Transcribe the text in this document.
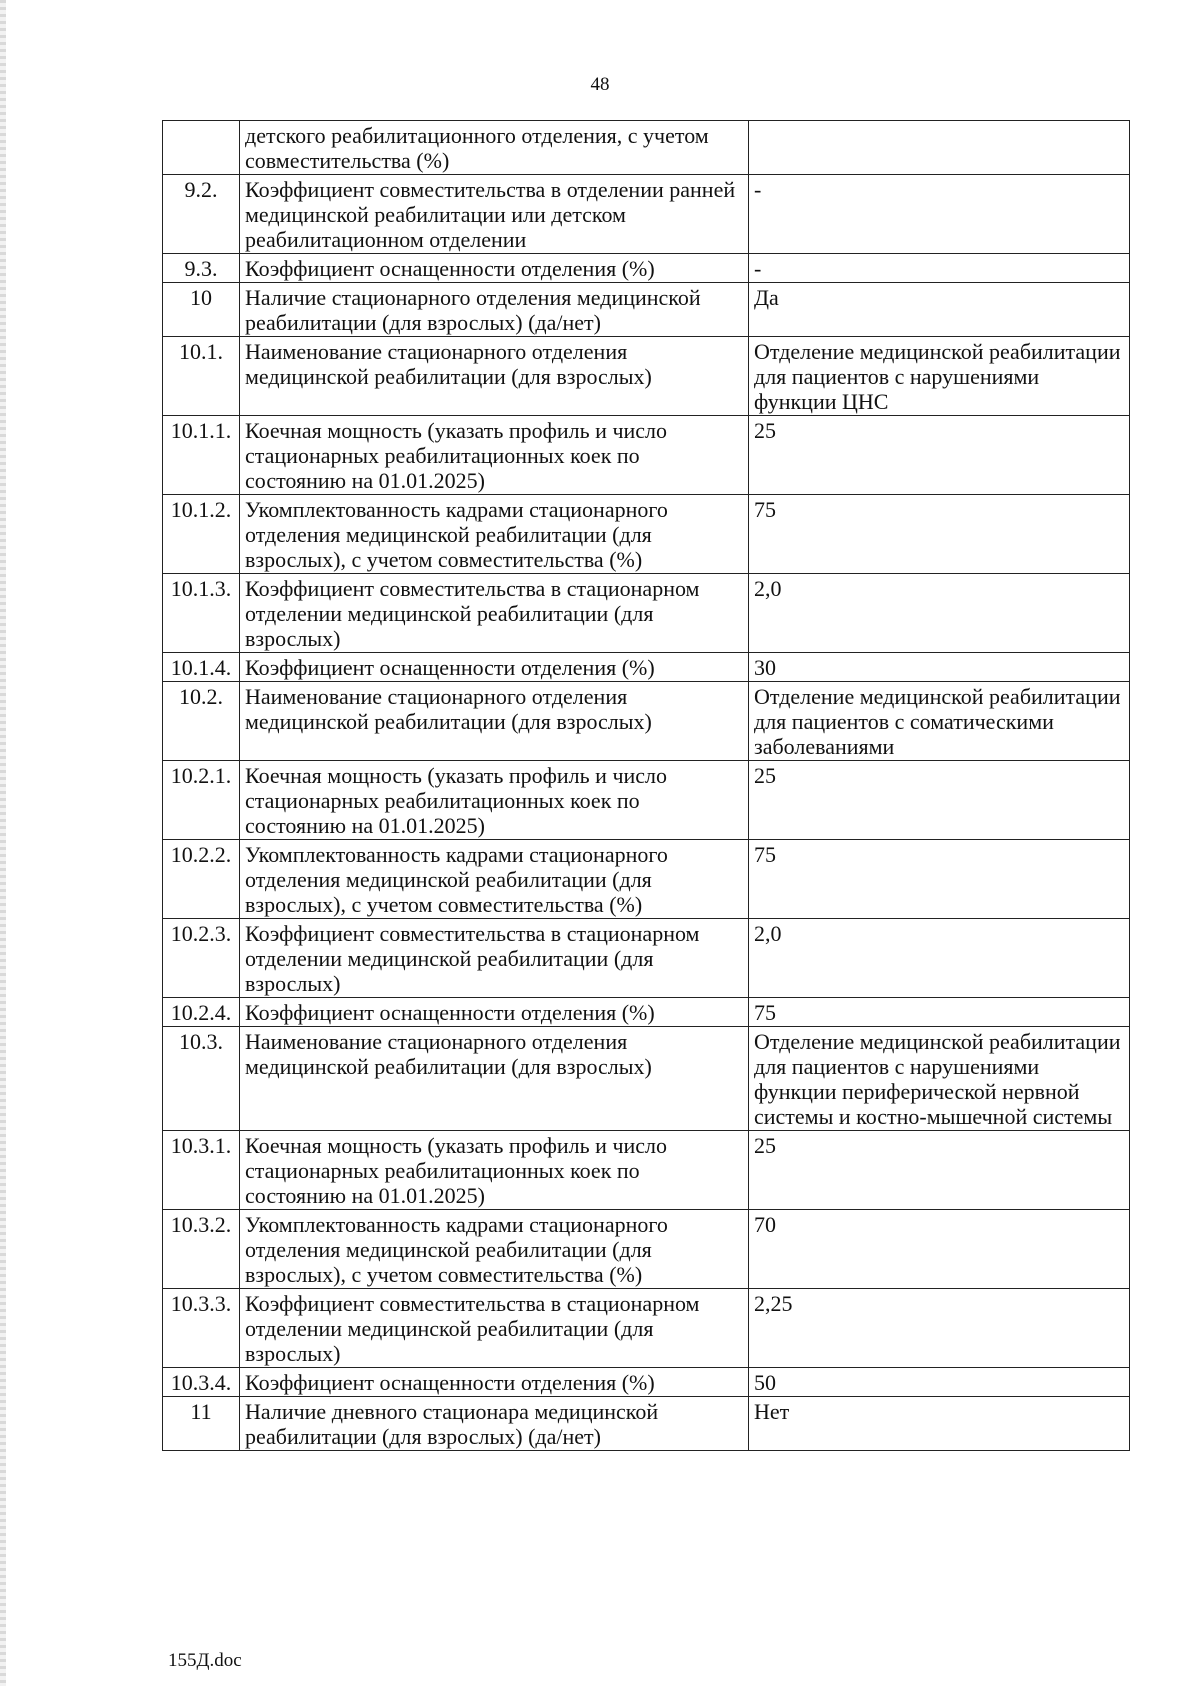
48
	детского реабилитационного отделения, с учетом совместительства (%)	
9.2.	Коэффициент совместительства в отделении ранней медицинской реабилитации или детском реабилитационном отделении	-
9.3.	Коэффициент оснащенности отделения (%)	-
10	Наличие стационарного отделения медицинской реабилитации (для взрослых) (да/нет)	Да
10.1.	Наименование стационарного отделения медицинской реабилитации (для взрослых)	Отделение медицинской реабилитации для пациентов с нарушениями функции ЦНС
10.1.1.	Коечная мощность (указать профиль и число стационарных реабилитационных коек по состоянию на 01.01.2025)	25
10.1.2.	Укомплектованность кадрами стационарного отделения медицинской реабилитации (для взрослых), с учетом совместительства (%)	75
10.1.3.	Коэффициент совместительства в стационарном отделении медицинской реабилитации (для взрослых)	2,0
10.1.4.	Коэффициент оснащенности отделения (%)	30
10.2.	Наименование стационарного отделения медицинской реабилитации (для взрослых)	Отделение медицинской реабилитации для пациентов с соматическими заболеваниями
10.2.1.	Коечная мощность (указать профиль и число стационарных реабилитационных коек по состоянию на 01.01.2025)	25
10.2.2.	Укомплектованность кадрами стационарного отделения медицинской реабилитации (для взрослых), с учетом совместительства (%)	75
10.2.3.	Коэффициент совместительства в стационарном отделении медицинской реабилитации (для взрослых)	2,0
10.2.4.	Коэффициент оснащенности отделения (%)	75
10.3.	Наименование стационарного отделения медицинской реабилитации (для взрослых)	Отделение медицинской реабилитации для пациентов с нарушениями функции периферической нервной системы и костно-мышечной системы
10.3.1.	Коечная мощность (указать профиль и число стационарных реабилитационных коек по состоянию на 01.01.2025)	25
10.3.2.	Укомплектованность кадрами стационарного отделения медицинской реабилитации (для взрослых), с учетом совместительства (%)	70
10.3.3.	Коэффициент совместительства в стационарном отделении медицинской реабилитации (для взрослых)	2,25
10.3.4.	Коэффициент оснащенности отделения (%)	50
11	Наличие дневного стационара медицинской реабилитации (для взрослых) (да/нет)	Нет
155Д.doc
